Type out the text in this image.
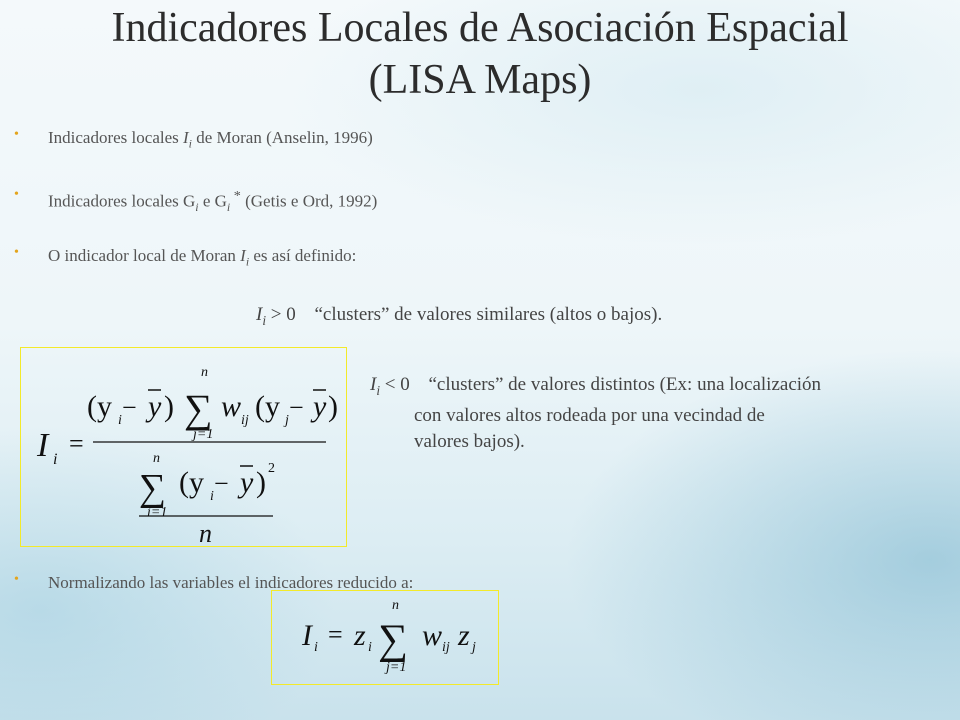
Indicadores Locales de Asociación Espacial
(LISA Maps)
• Indicadores locales $I_i$ de Moran (Anselin, 1996)
• Indicadores locales $G_i$ e $G_i$ * (Getis e Ord, 1992)
• O indicador local de Moran $I_i$ es así definido:
$I_i > 0$ “clusters” de valores similares (altos o bajos).
$I_i < 0$ “clusters” de valores distintos (Ex: una localización
con valores altos rodeada por una vecindad de
valores bajos).
I i
=
(y i − y )
n
∑
j=1
w ij (y j − y )
n
∑
i=1
(y i − y ) 2
n
• Normalizando las variables el indicadores reducido a:
I i = z i
n
∑
j=1
w ij z j
